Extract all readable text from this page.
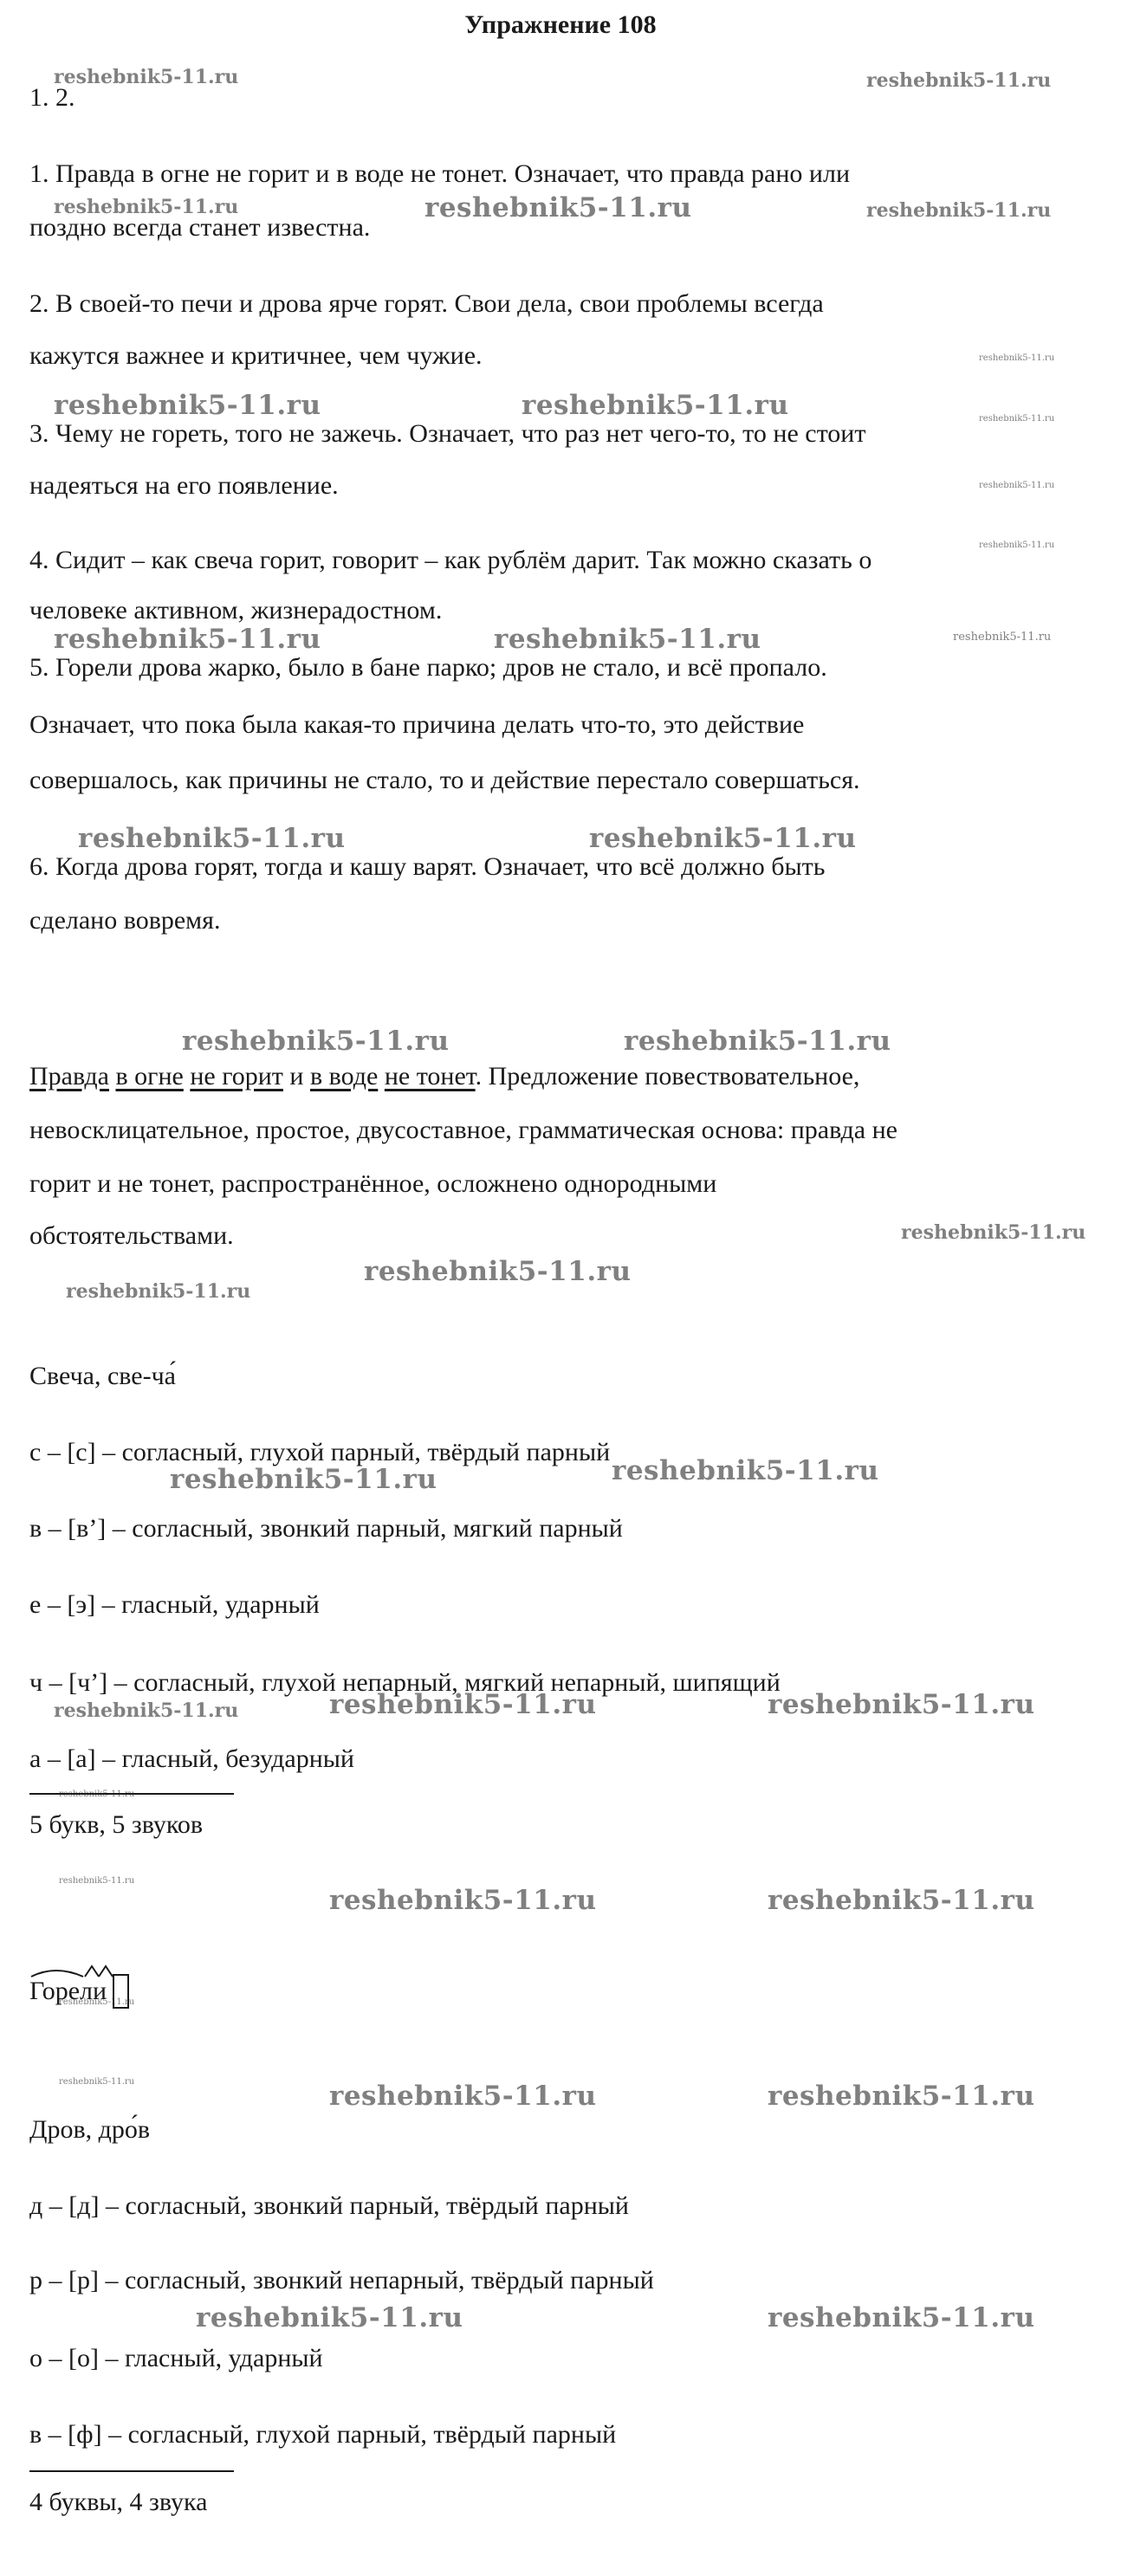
Упражнение 108
reshebnik5-11.ru	reshebnik5-11.ru
reshebnik5-11.ru	reshebnik5-11.ru	reshebnik5-11.ru
reshebnik5-11.ru
reshebnik5-11.ru	reshebnik5-11.ru	reshebnik5-11.ru
reshebnik5-11.ru
reshebnik5-11.ru
reshebnik5-11.ru	reshebnik5-11.ru	reshebnik5-11.ru
reshebnik5-11.ru	reshebnik5-11.ru
reshebnik5-11.ru	reshebnik5-11.ru
reshebnik5-11.ru
reshebnik5-11.ru
reshebnik5-11.ru
reshebnik5-11.ru	reshebnik5-11.ru
reshebnik5-11.ru	reshebnik5-11.ru	reshebnik5-11.ru
reshebnik5-11.ru
reshebnik5-11.ru
reshebnik5-11.ru	reshebnik5-11.ru
reshebnik5-11.ru
reshebnik5-11.ru	reshebnik5-11.ru	reshebnik5-11.ru
reshebnik5-11.ru	reshebnik5-11.ru
1. 2.
1. Правда в огне не горит и в воде не тонет. Означает, что правда рано или
поздно всегда станет известна.
2. В своей-то печи и дрова ярче горят. Свои дела, свои проблемы всегда
кажутся важнее и критичнее, чем чужие.
3. Чему не гореть, того не зажечь. Означает, что раз нет чего-то, то не стоит
надеяться на его появление.
4. Сидит – как свеча горит, говорит – как рублём дарит. Так можно сказать о
человеке активном, жизнерадостном.
5. Горели дрова жарко, было в бане парко; дров не стало, и всё пропало.
Означает, что пока была какая-то причина делать что-то, это действие
совершалось, как причины не стало, то и действие перестало совершаться.
6. Когда дрова горят, тогда и кашу варят. Означает, что всё должно быть
сделано вовремя.
Правда в огне не горит и в воде не тонет. Предложение повествовательное,
невосклицательное, простое, двусоставное, грамматическая основа: правда не
горит и не тонет, распространённое, осложнено однородными
обстоятельствами.
Свеча, све-ча́
с – [с] – согласный, глухой парный, твёрдый парный
в – [в’] – согласный, звонкий парный, мягкий парный
е – [э] – гласный, ударный
ч – [ч’] – согласный, глухой непарный, мягкий непарный, шипящий
а – [а] – гласный, безударный
5 букв, 5 звуков
Горели
Дров, дро́в
д – [д] – согласный, звонкий парный, твёрдый парный
р – [р] – согласный, звонкий непарный, твёрдый парный
о – [о] – гласный, ударный
в – [ф] – согласный, глухой парный, твёрдый парный
4 буквы, 4 звука
